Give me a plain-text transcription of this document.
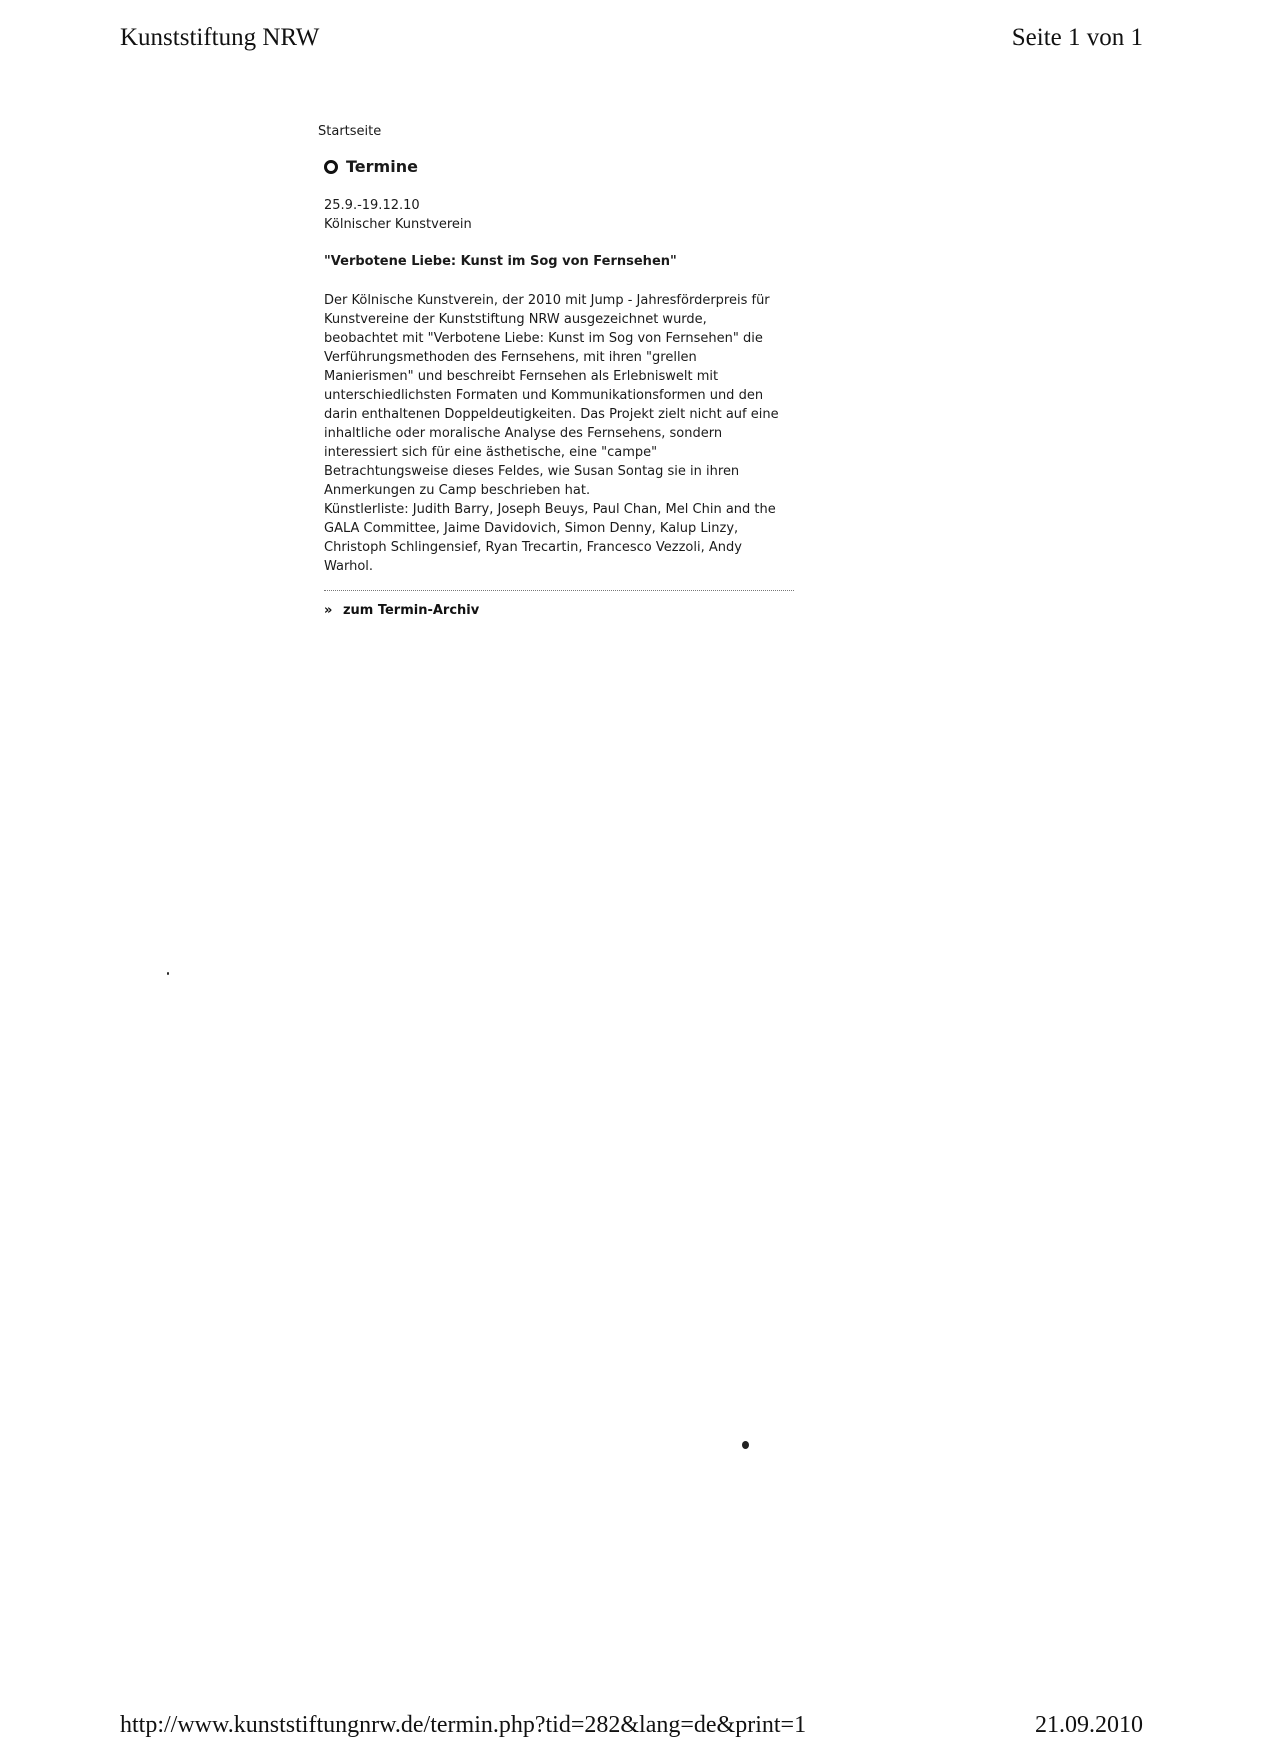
Kunststiftung NRW	Seite 1 von 1
Startseite
Termine
25.9.-19.12.10
Kölnischer Kunstverein
"Verbotene Liebe: Kunst im Sog von Fernsehen"
Der Kölnische Kunstverein, der 2010 mit Jump - Jahresförderpreis für Kunstvereine der Kunststiftung NRW ausgezeichnet wurde, beobachtet mit "Verbotene Liebe: Kunst im Sog von Fernsehen" die Verführungsmethoden des Fernsehens, mit ihren "grellen Manierismen" und beschreibt Fernsehen als Erlebniswelt mit unterschiedlichsten Formaten und Kommunikationsformen und den darin enthaltenen Doppeldeutigkeiten. Das Projekt zielt nicht auf eine inhaltliche oder moralische Analyse des Fernsehens, sondern interessiert sich für eine ästhetische, eine "campe" Betrachtungsweise dieses Feldes, wie Susan Sontag sie in ihren Anmerkungen zu Camp beschrieben hat.
Künstlerliste: Judith Barry, Joseph Beuys, Paul Chan, Mel Chin and the GALA Committee, Jaime Davidovich, Simon Denny, Kalup Linzy, Christoph Schlingensief, Ryan Trecartin, Francesco Vezzoli, Andy Warhol.
» zum Termin-Archiv
http://www.kunststiftungnrw.de/termin.php?tid=282&lang=de&print=1	21.09.2010
